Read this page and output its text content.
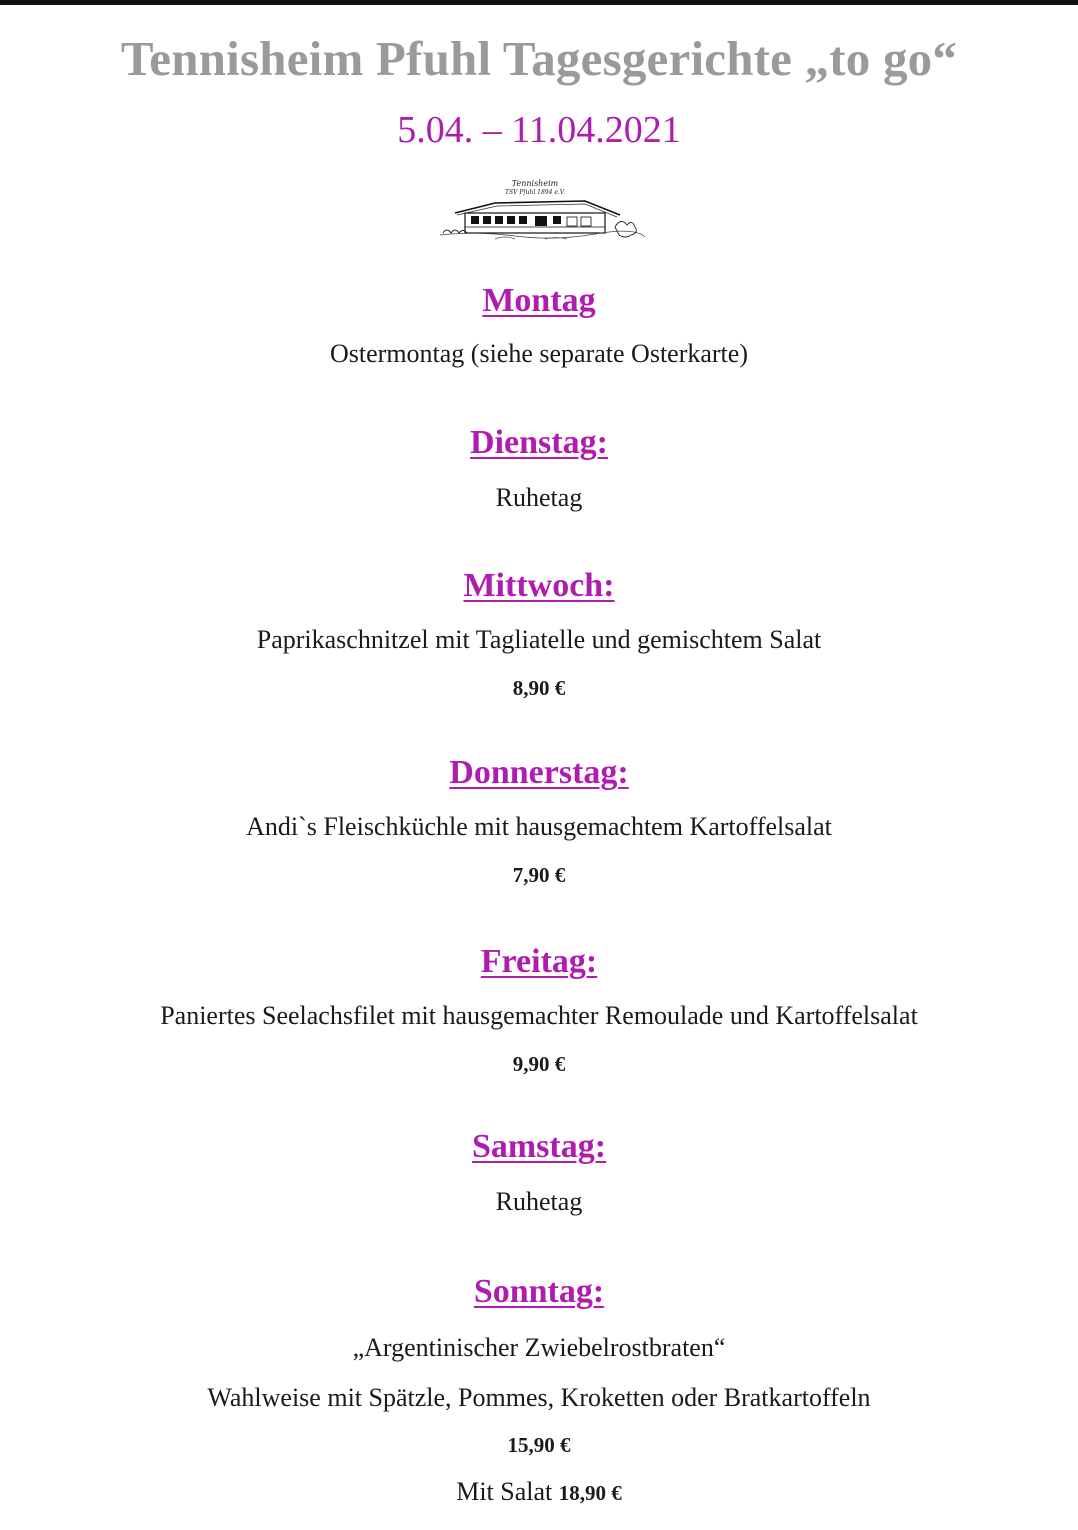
Tennisheim Pfuhl Tagesgerichte „to go“
5.04. – 11.04.2021
Tennisheim
TSV Pfuhl 1894 e.V.
Montag
Ostermontag (siehe separate Osterkarte)
Dienstag:
Ruhetag
Mittwoch:
Paprikaschnitzel mit Tagliatelle und gemischtem Salat
8,90 €
Donnerstag:
Andi`s Fleischküchle mit hausgemachtem Kartoffelsalat
7,90 €
Freitag:
Paniertes Seelachsfilet mit hausgemachter Remoulade und Kartoffelsalat
9,90 €
Samstag:
Ruhetag
Sonntag:
„Argentinischer Zwiebelrostbraten“
Wahlweise mit Spätzle, Pommes, Kroketten oder Bratkartoffeln
15,90 €
Mit Salat 18,90 €
